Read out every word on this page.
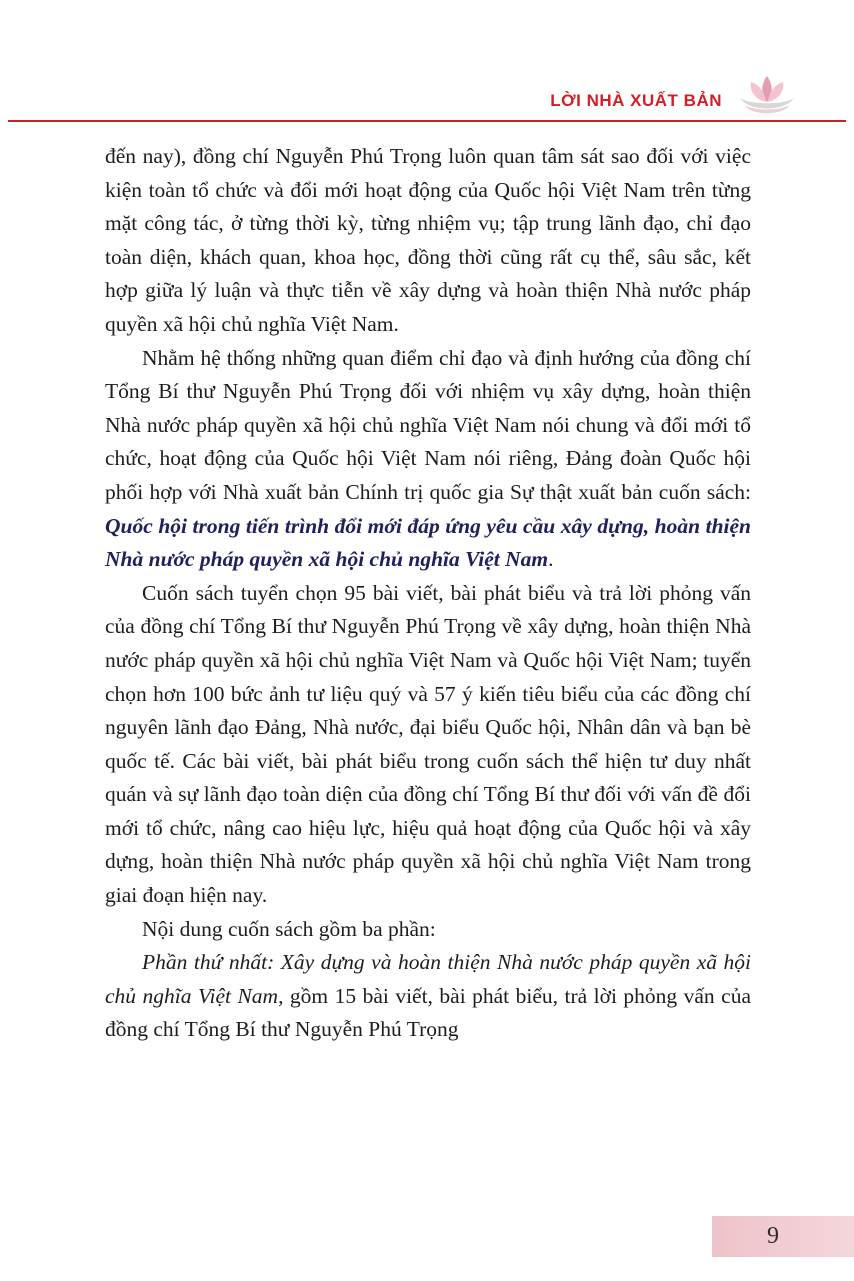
LỜI NHÀ XUẤT BẢN

đến nay), đồng chí Nguyễn Phú Trọng luôn quan tâm sát sao đối với việc kiện toàn tổ chức và đổi mới hoạt động của Quốc hội Việt Nam trên từng mặt công tác, ở từng thời kỳ, từng nhiệm vụ; tập trung lãnh đạo, chỉ đạo toàn diện, khách quan, khoa học, đồng thời cũng rất cụ thể, sâu sắc, kết hợp giữa lý luận và thực tiễn về xây dựng và hoàn thiện Nhà nước pháp quyền xã hội chủ nghĩa Việt Nam.

Nhằm hệ thống những quan điểm chỉ đạo và định hướng của đồng chí Tổng Bí thư Nguyễn Phú Trọng đối với nhiệm vụ xây dựng, hoàn thiện Nhà nước pháp quyền xã hội chủ nghĩa Việt Nam nói chung và đổi mới tổ chức, hoạt động của Quốc hội Việt Nam nói riêng, Đảng đoàn Quốc hội phối hợp với Nhà xuất bản Chính trị quốc gia Sự thật xuất bản cuốn sách: Quốc hội trong tiến trình đổi mới đáp ứng yêu cầu xây dựng, hoàn thiện Nhà nước pháp quyền xã hội chủ nghĩa Việt Nam.

Cuốn sách tuyển chọn 95 bài viết, bài phát biểu và trả lời phỏng vấn của đồng chí Tổng Bí thư Nguyễn Phú Trọng về xây dựng, hoàn thiện Nhà nước pháp quyền xã hội chủ nghĩa Việt Nam và Quốc hội Việt Nam; tuyển chọn hơn 100 bức ảnh tư liệu quý và 57 ý kiến tiêu biểu của các đồng chí nguyên lãnh đạo Đảng, Nhà nước, đại biểu Quốc hội, Nhân dân và bạn bè quốc tế. Các bài viết, bài phát biểu trong cuốn sách thể hiện tư duy nhất quán và sự lãnh đạo toàn diện của đồng chí Tổng Bí thư đối với vấn đề đổi mới tổ chức, nâng cao hiệu lực, hiệu quả hoạt động của Quốc hội và xây dựng, hoàn thiện Nhà nước pháp quyền xã hội chủ nghĩa Việt Nam trong giai đoạn hiện nay.

Nội dung cuốn sách gồm ba phần:

Phần thứ nhất: Xây dựng và hoàn thiện Nhà nước pháp quyền xã hội chủ nghĩa Việt Nam, gồm 15 bài viết, bài phát biểu, trả lời phỏng vấn của đồng chí Tổng Bí thư Nguyễn Phú Trọng

9
